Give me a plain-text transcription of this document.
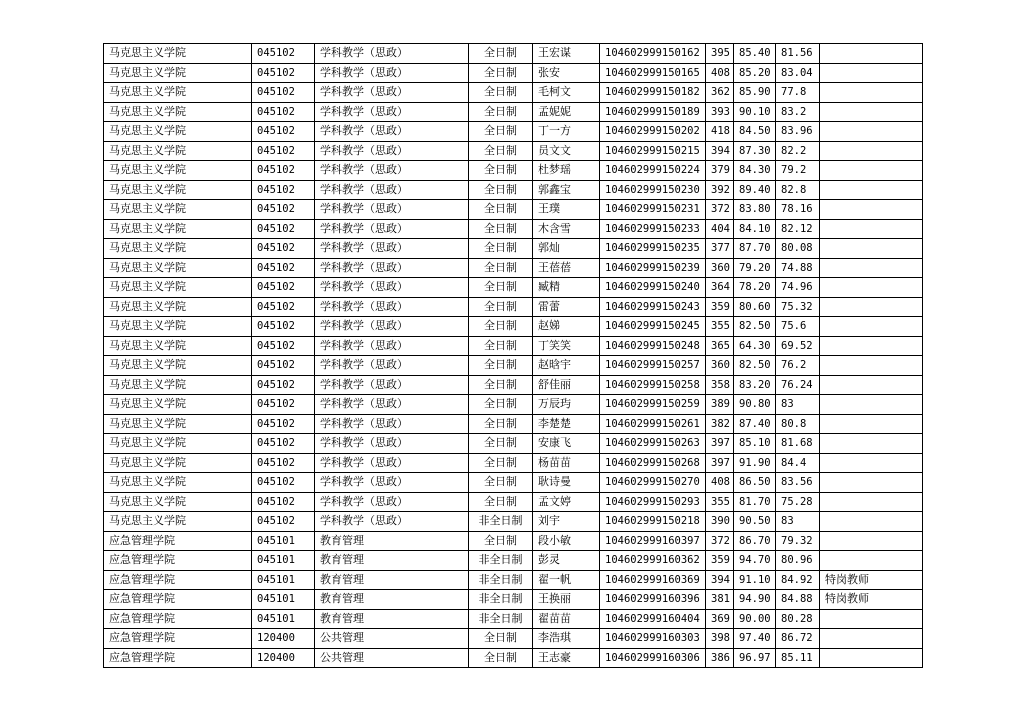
马克思主义学院	045102	学科教学（思政）	全日制	王宏谋	104602999150162	395	85.40	81.56	
马克思主义学院	045102	学科教学（思政）	全日制	张安	104602999150165	408	85.20	83.04	
马克思主义学院	045102	学科教学（思政）	全日制	毛柯文	104602999150182	362	85.90	77.8	
马克思主义学院	045102	学科教学（思政）	全日制	孟妮妮	104602999150189	393	90.10	83.2	
马克思主义学院	045102	学科教学（思政）	全日制	丁一方	104602999150202	418	84.50	83.96	
马克思主义学院	045102	学科教学（思政）	全日制	员文文	104602999150215	394	87.30	82.2	
马克思主义学院	045102	学科教学（思政）	全日制	杜梦瑶	104602999150224	379	84.30	79.2	
马克思主义学院	045102	学科教学（思政）	全日制	郭鑫宝	104602999150230	392	89.40	82.8	
马克思主义学院	045102	学科教学（思政）	全日制	王璞	104602999150231	372	83.80	78.16	
马克思主义学院	045102	学科教学（思政）	全日制	木含雪	104602999150233	404	84.10	82.12	
马克思主义学院	045102	学科教学（思政）	全日制	郭灿	104602999150235	377	87.70	80.08	
马克思主义学院	045102	学科教学（思政）	全日制	王蓓蓓	104602999150239	360	79.20	74.88	
马克思主义学院	045102	学科教学（思政）	全日制	臧精	104602999150240	364	78.20	74.96	
马克思主义学院	045102	学科教学（思政）	全日制	雷蕾	104602999150243	359	80.60	75.32	
马克思主义学院	045102	学科教学（思政）	全日制	赵娣	104602999150245	355	82.50	75.6	
马克思主义学院	045102	学科教学（思政）	全日制	丁笑笑	104602999150248	365	64.30	69.52	
马克思主义学院	045102	学科教学（思政）	全日制	赵晗宇	104602999150257	360	82.50	76.2	
马克思主义学院	045102	学科教学（思政）	全日制	舒佳丽	104602999150258	358	83.20	76.24	
马克思主义学院	045102	学科教学（思政）	全日制	万辰玙	104602999150259	389	90.80	83	
马克思主义学院	045102	学科教学（思政）	全日制	李楚楚	104602999150261	382	87.40	80.8	
马克思主义学院	045102	学科教学（思政）	全日制	安康飞	104602999150263	397	85.10	81.68	
马克思主义学院	045102	学科教学（思政）	全日制	杨苗苗	104602999150268	397	91.90	84.4	
马克思主义学院	045102	学科教学（思政）	全日制	耿诗曼	104602999150270	408	86.50	83.56	
马克思主义学院	045102	学科教学（思政）	全日制	孟文婷	104602999150293	355	81.70	75.28	
马克思主义学院	045102	学科教学（思政）	非全日制	刘宇	104602999150218	390	90.50	83	
应急管理学院	045101	教育管理	全日制	段小敏	104602999160397	372	86.70	79.32	
应急管理学院	045101	教育管理	非全日制	彭灵	104602999160362	359	94.70	80.96	
应急管理学院	045101	教育管理	非全日制	翟一帆	104602999160369	394	91.10	84.92	特岗教师
应急管理学院	045101	教育管理	非全日制	王换丽	104602999160396	381	94.90	84.88	特岗教师
应急管理学院	045101	教育管理	非全日制	翟苗苗	104602999160404	369	90.00	80.28	
应急管理学院	120400	公共管理	全日制	李浩琪	104602999160303	398	97.40	86.72	
应急管理学院	120400	公共管理	全日制	王志豪	104602999160306	386	96.97	85.11	
